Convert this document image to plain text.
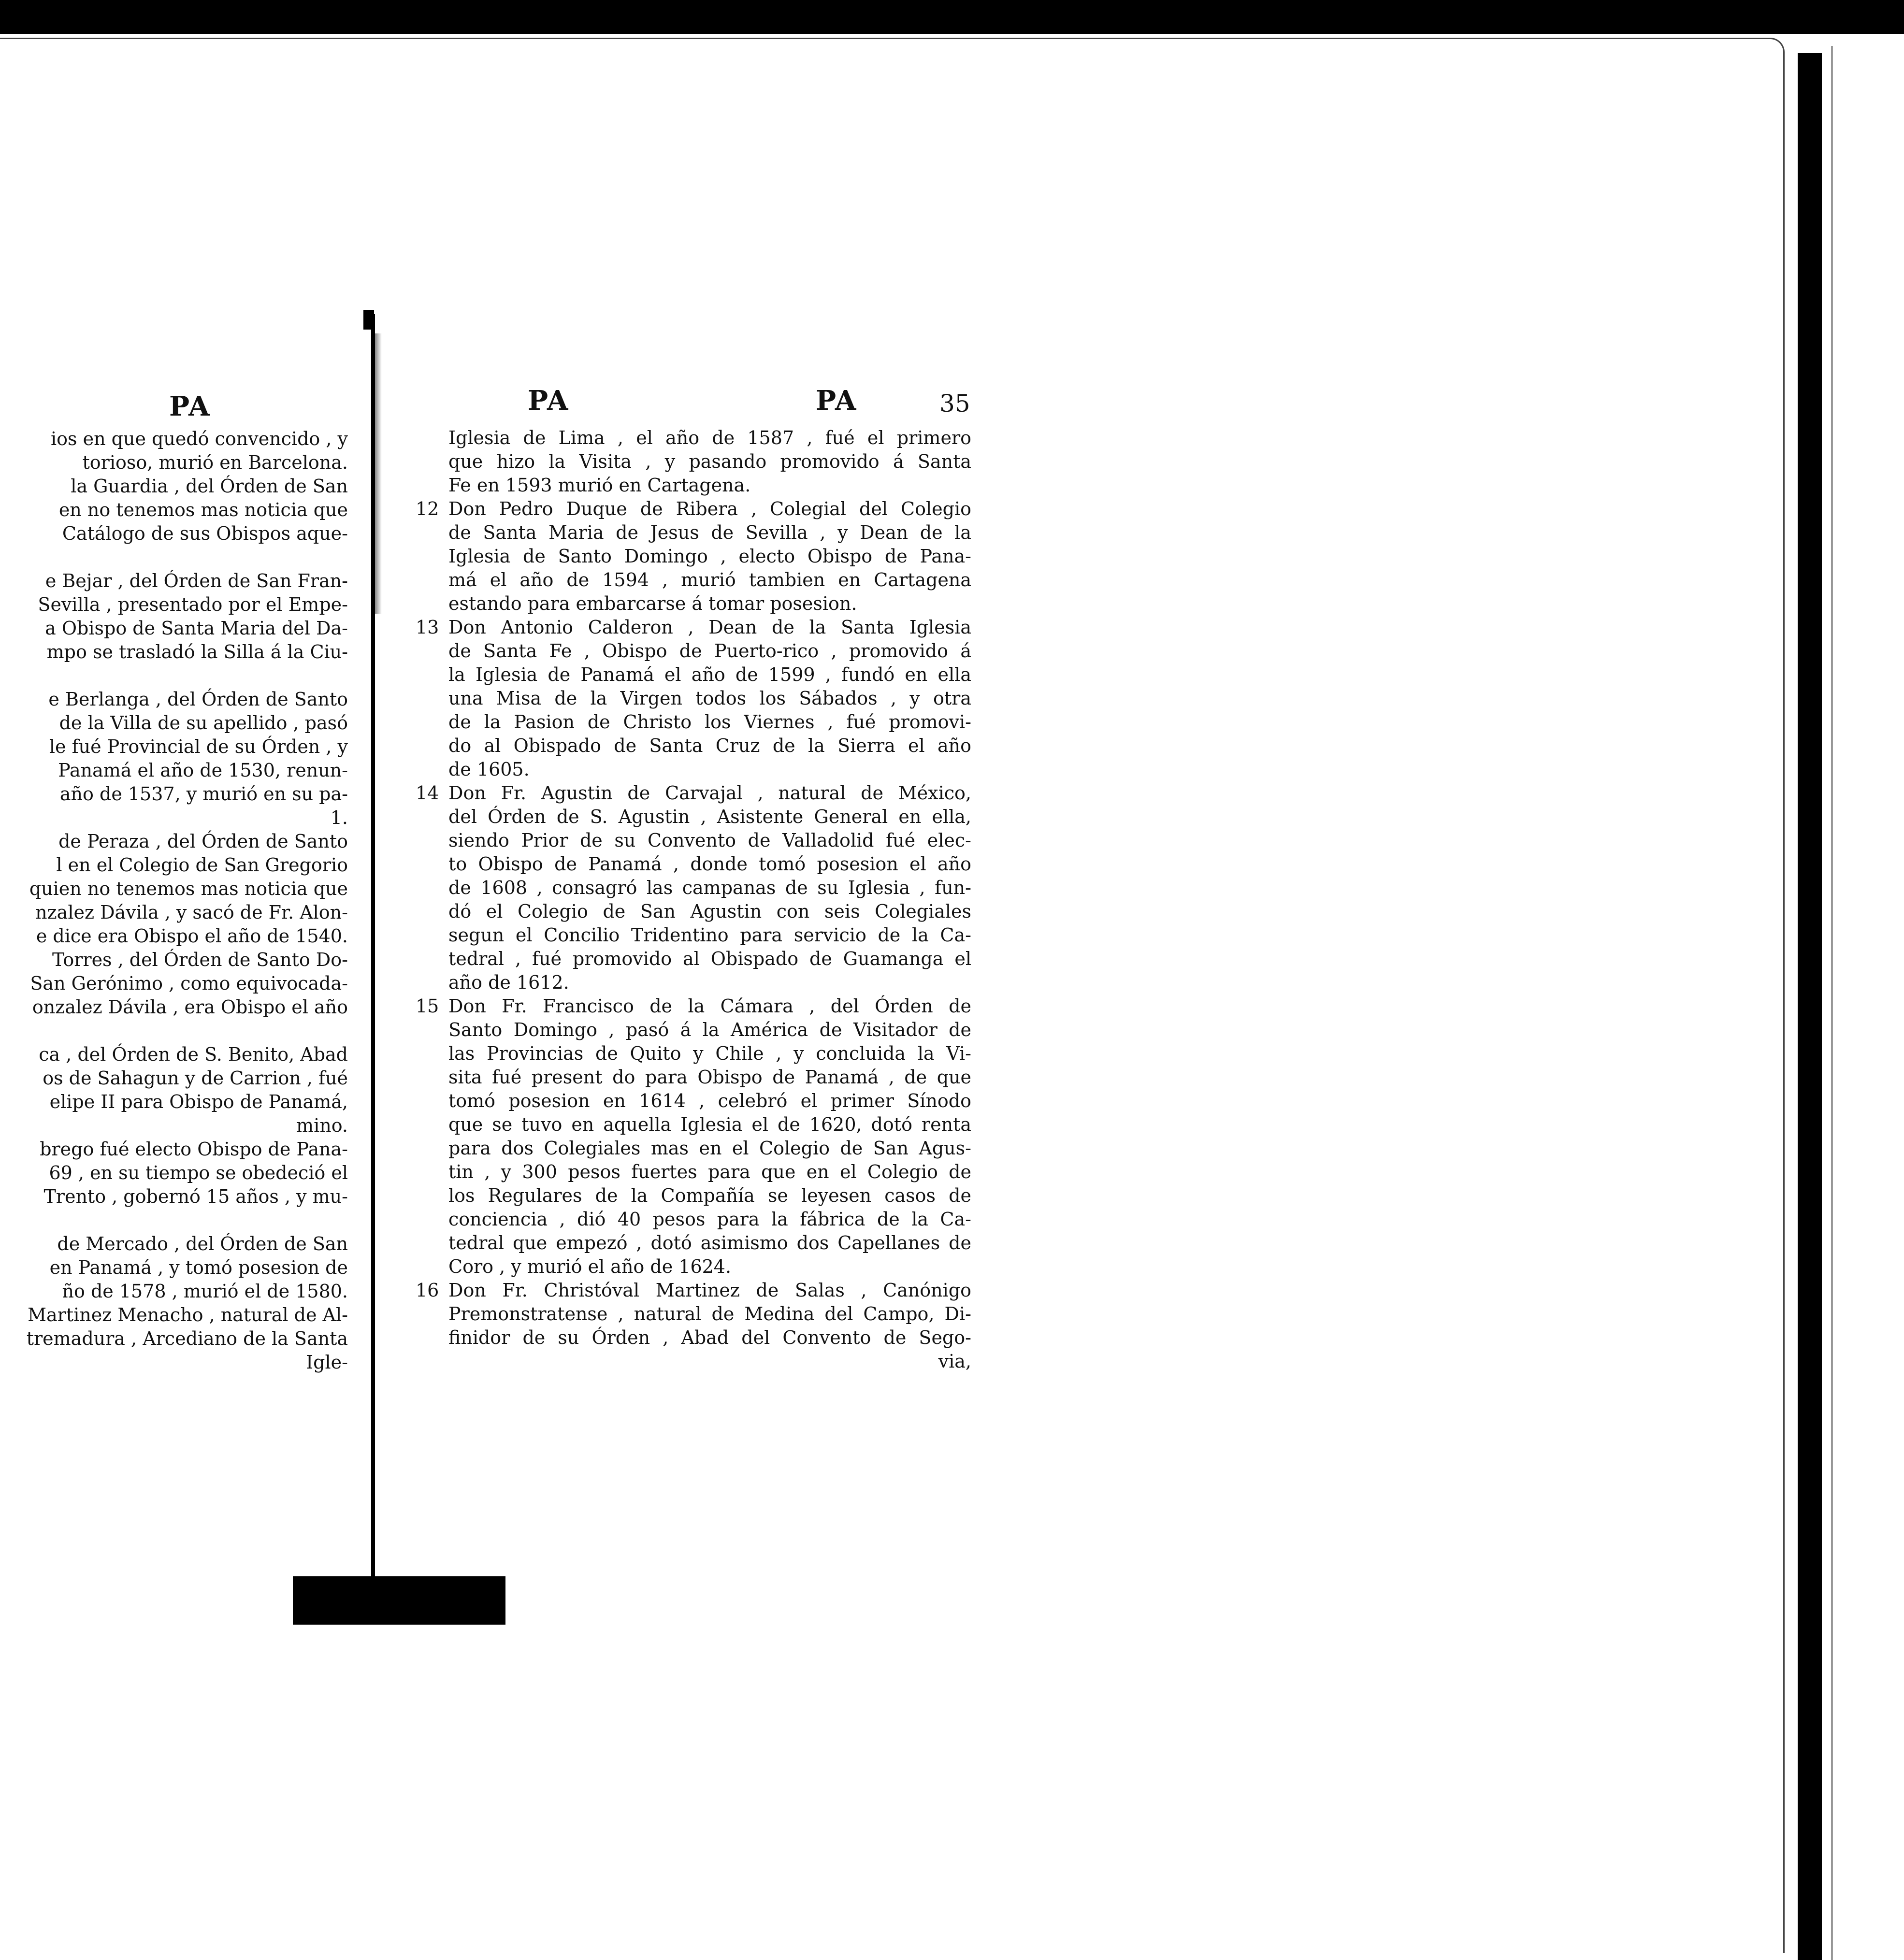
PA
ios en que quedó convencido , y
torioso, murió en Barcelona.
la Guardia , del Órden de San
en no tenemos mas noticia que
Catálogo de sus Obispos aque-

e Bejar , del Órden de San Fran-
Sevilla , presentado por el Empe-
a Obispo de Santa Maria del Da-
mpo se trasladó la Silla á la Ciu-

e Berlanga , del Órden de Santo
de la Villa de su apellido , pasó
le fué Provincial de su Órden , y
Panamá el año de 1530, renun-
año de 1537, y murió en su pa-
1.
de Peraza , del Órden de Santo
l en el Colegio de San Gregorio
quien no tenemos mas noticia que
nzalez Dávila , y sacó de Fr. Alon-
e dice era Obispo el año de 1540.
Torres , del Órden de Santo Do-
San Gerónimo , como equivocada-
onzalez Dávila , era Obispo el año

ca , del Órden de S. Benito, Abad
os de Sahagun y de Carrion , fué
elipe II para Obispo de Panamá,
mino.
brego fué electo Obispo de Pana-
69 , en su tiempo se obedeció el
Trento , gobernó 15 años , y mu-

de Mercado , del Órden de San
en Panamá , y tomó posesion de
ño de 1578 , murió el de 1580.
Martinez Menacho , natural de Al-
tremadura , Arcediano de la Santa
Igle-
PA	PA	35
Iglesia de Lima , el año de 1587 , fué el primero
que hizo la Visita , y pasando promovido á Santa
Fe en 1593 murió en Cartagena.
12 Don Pedro Duque de Ribera , Colegial del Colegio
de Santa Maria de Jesus de Sevilla , y Dean de la
Iglesia de Santo Domingo , electo Obispo de Pana-
má el año de 1594 , murió tambien en Cartagena
estando para embarcarse á tomar posesion.
13 Don Antonio Calderon , Dean de la Santa Iglesia
de Santa Fe , Obispo de Puerto-rico , promovido á
la Iglesia de Panamá el año de 1599 , fundó en ella
una Misa de la Virgen todos los Sábados , y otra
de la Pasion de Christo los Viernes , fué promovi-
do al Obispado de Santa Cruz de la Sierra el año
de 1605.
14 Don Fr. Agustin de Carvajal , natural de México,
del Órden de S. Agustin , Asistente General en ella,
siendo Prior de su Convento de Valladolid fué elec-
to Obispo de Panamá , donde tomó posesion el año
de 1608 , consagró las campanas de su Iglesia , fun-
dó el Colegio de San Agustin con seis Colegiales
segun el Concilio Tridentino para servicio de la Ca-
tedral , fué promovido al Obispado de Guamanga el
año de 1612.
15 Don Fr. Francisco de la Cámara , del Órden de
Santo Domingo , pasó á la América de Visitador de
las Provincias de Quito y Chile , y concluida la Vi-
sita fué present do para Obispo de Panamá , de que
tomó posesion en 1614 , celebró el primer Sínodo
que se tuvo en aquella Iglesia el de 1620, dotó renta
para dos Colegiales mas en el Colegio de San Agus-
tin , y 300 pesos fuertes para que en el Colegio de
los Regulares de la Compañía se leyesen casos de
conciencia , dió 40 pesos para la fábrica de la Ca-
tedral que empezó , dotó asimismo dos Capellanes de
Coro , y murió el año de 1624.
16 Don Fr. Christóval Martinez de Salas , Canónigo
Premonstratense , natural de Medina del Campo, Di-
finidor de su Órden , Abad del Convento de Sego-
via,
